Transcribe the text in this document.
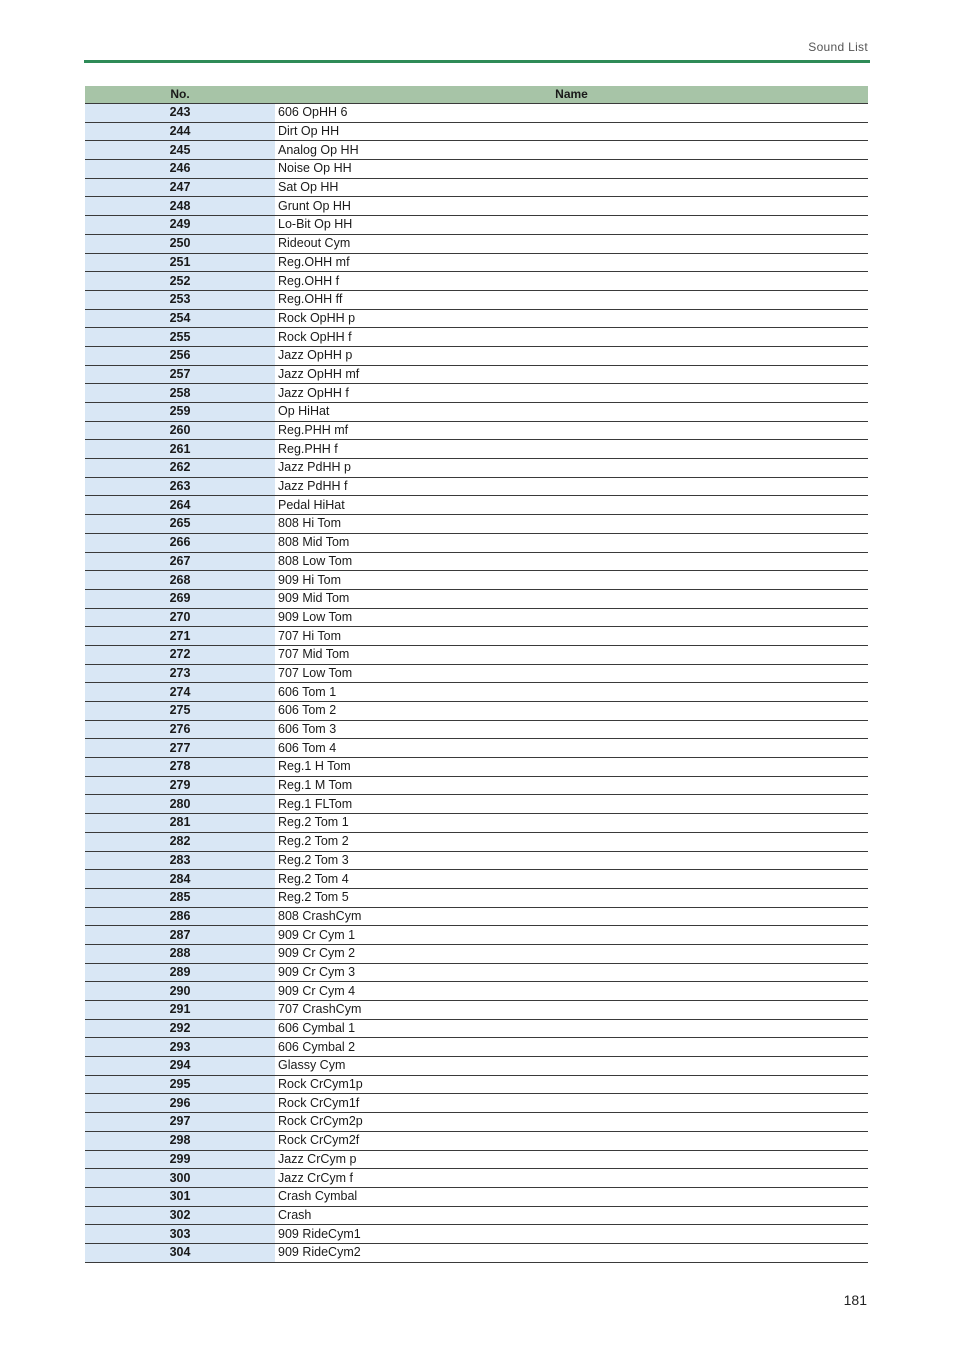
Sound List
No.	Name
243	606 OpHH 6
244	Dirt Op HH
245	Analog Op HH
246	Noise Op HH
247	Sat Op HH
248	Grunt Op HH
249	Lo-Bit Op HH
250	Rideout Cym
251	Reg.OHH mf
252	Reg.OHH f
253	Reg.OHH ff
254	Rock OpHH p
255	Rock OpHH f
256	Jazz OpHH p
257	Jazz OpHH mf
258	Jazz OpHH f
259	Op HiHat
260	Reg.PHH mf
261	Reg.PHH f
262	Jazz PdHH p
263	Jazz PdHH f
264	Pedal HiHat
265	808 Hi Tom
266	808 Mid Tom
267	808 Low Tom
268	909 Hi Tom
269	909 Mid Tom
270	909 Low Tom
271	707 Hi Tom
272	707 Mid Tom
273	707 Low Tom
274	606 Tom 1
275	606 Tom 2
276	606 Tom 3
277	606 Tom 4
278	Reg.1 H Tom
279	Reg.1 M Tom
280	Reg.1 FLTom
281	Reg.2 Tom 1
282	Reg.2 Tom 2
283	Reg.2 Tom 3
284	Reg.2 Tom 4
285	Reg.2 Tom 5
286	808 CrashCym
287	909 Cr Cym 1
288	909 Cr Cym 2
289	909 Cr Cym 3
290	909 Cr Cym 4
291	707 CrashCym
292	606 Cymbal 1
293	606 Cymbal 2
294	Glassy Cym
295	Rock CrCym1p
296	Rock CrCym1f
297	Rock CrCym2p
298	Rock CrCym2f
299	Jazz CrCym p
300	Jazz CrCym f
301	Crash Cymbal
302	Crash
303	909 RideCym1
304	909 RideCym2
181
